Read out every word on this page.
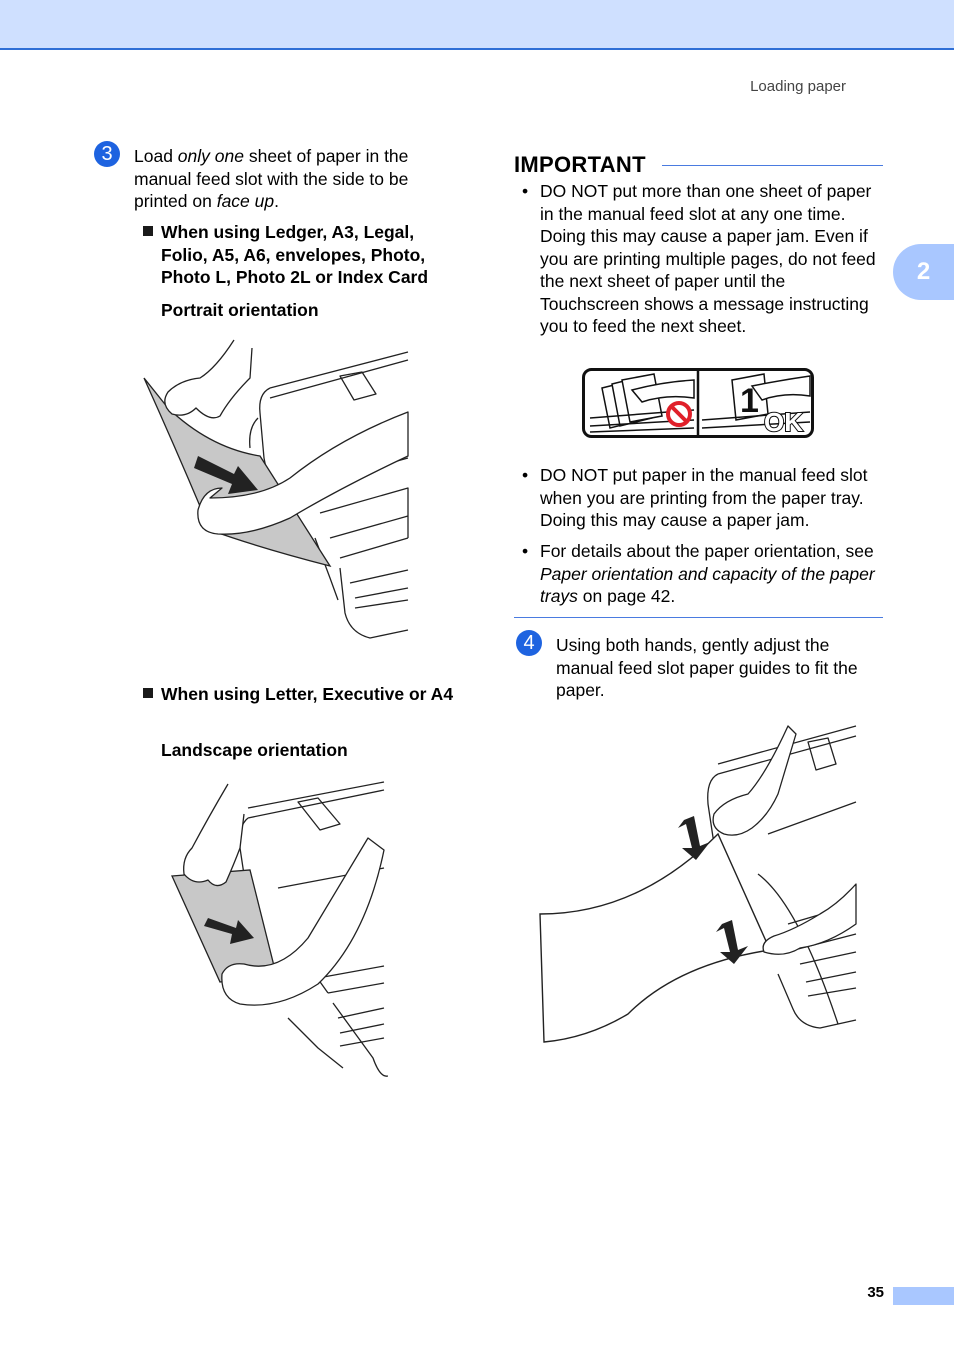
Loading paper
2
3	Load only one sheet of paper in the manual feed slot with the side to be printed on face up.
When using Ledger, A3, Legal, Folio, A5, A6, envelopes, Photo, Photo L, Photo 2L or Index Card
Portrait orientation
When using Letter, Executive or A4
Landscape orientation
IMPORTANT
• DO NOT put more than one sheet of paper in the manual feed slot at any one time. Doing this may cause a paper jam. Even if you are printing multiple pages, do not feed the next sheet of paper until the Touchscreen shows a message instructing you to feed the next sheet.
1
OK
• DO NOT put paper in the manual feed slot when you are printing from the paper tray. Doing this may cause a paper jam.
• For details about the paper orientation, see Paper orientation and capacity of the paper trays on page 42.
4	Using both hands, gently adjust the manual feed slot paper guides to fit the paper.
35
